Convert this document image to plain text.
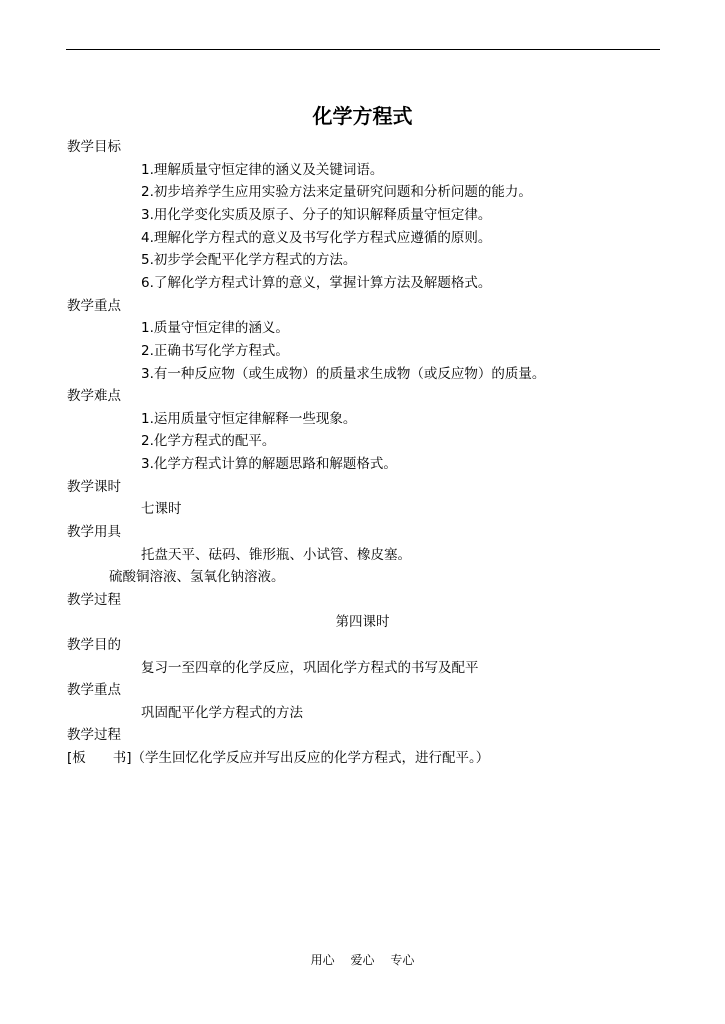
化学方程式
教学目标
1.理解质量守恒定律的涵义及关键词语。
2.初步培养学生应用实验方法来定量研究问题和分析问题的能力。
3.用化学变化实质及原子、分子的知识解释质量守恒定律。
4.理解化学方程式的意义及书写化学方程式应遵循的原则。
5.初步学会配平化学方程式的方法。
6.了解化学方程式计算的意义，掌握计算方法及解题格式。
教学重点
1.质量守恒定律的涵义。
2.正确书写化学方程式。
3.有一种反应物（或生成物）的质量求生成物（或反应物）的质量。
教学难点
1.运用质量守恒定律解释一些现象。
2.化学方程式的配平。
3.化学方程式计算的解题思路和解题格式。
教学课时
七课时
教学用具
托盘天平、砝码、锥形瓶、小试管、橡皮塞。
硫酸铜溶液、氢氧化钠溶液。
教学过程
第四课时
教学目的
复习一至四章的化学反应，巩固化学方程式的书写及配平
教学重点
巩固配平化学方程式的方法
教学过程
[板　　书]（学生回忆化学反应并写出反应的化学方程式，进行配平。）
用心 爱心 专心
